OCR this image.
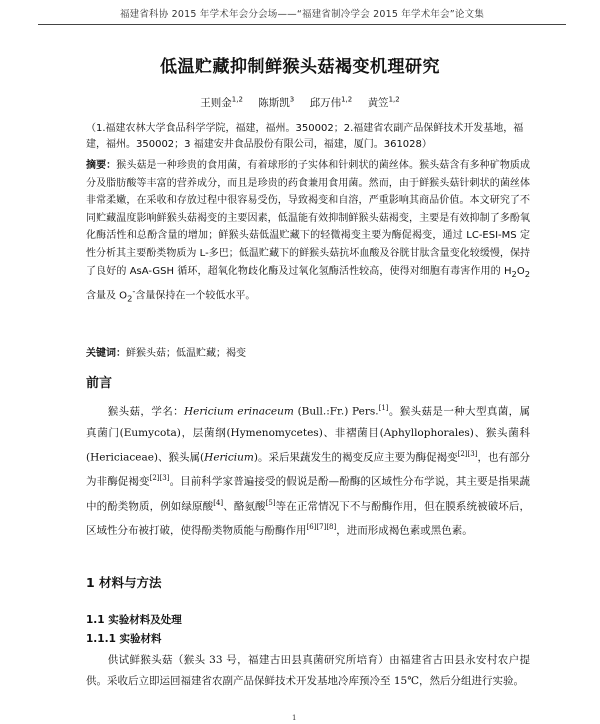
福建省科协 2015 年学术年会分会场——“福建省制冷学会 2015 年学术年会”论文集
低温贮藏抑制鲜猴头菇褐变机理研究
王则金$^{1,2}$ 陈斯凯$^3$ 邱万伟$^{1,2}$ 黄笠$^{1,2}$
（1.福建农林大学食品科学学院，福建，福州。350002；2.福建省农副产品保鲜技术开发基地，福建，福州。350002；3 福建安井食品股份有限公司，福建，厦门。361028）
摘要：猴头菇是一种珍贵的食用菌，有着球形的子实体和针刺状的菌丝体。猴头菇含有多种矿物质成分及脂肪酸等丰富的营养成分，而且是珍贵的药食兼用食用菌。然而，由于鲜猴头菇针刺状的菌丝体非常柔嫩，在采收和存放过程中很容易受伤，导致褐变和自溶，严重影响其商品价值。本文研究了不同贮藏温度影响鲜猴头菇褐变的主要因素，低温能有效抑制鲜猴头菇褐变，主要是有效抑制了多酚氧化酶活性和总酚含量的增加；鲜猴头菇低温贮藏下的轻微褐变主要为酶促褐变，通过 LC-ESI-MS 定性分析其主要酚类物质为 L-多巴；低温贮藏下的鲜猴头菇抗坏血酸及谷胱甘肽含量变化较缓慢，保持了良好的 AsA-GSH 循环，超氧化物歧化酶及过氧化氢酶活性较高，使得对细胞有毒害作用的 $H_2O_2$ 含量及 $O_2^-$含量保持在一个较低水平。
关键词：鲜猴头菇；低温贮藏；褐变
前言
　　猴头菇，学名：Hericium erinaceum (Bull.:Fr.) Pers.[1]。猴头菇是一种大型真菌，属真菌门(Eumycota)，层菌纲(Hymenomycetes)、非褶菌目(Aphyllophorales)、猴头菌科(Hericiaceae)、猴头属(Hericium)。采后果蔬发生的褐变反应主要为酶促褐变[2][3]，也有部分为非酶促褐变[2][3]。目前科学家普遍接受的假说是酚—酚酶的区域性分布学说，其主要是指果蔬中的酚类物质，例如绿原酸[4]、酪氨酸[5]等在正常情况下不与酚酶作用，但在膜系统被破坏后，区域性分布被打破，使得酚类物质能与酚酶作用[6][7][8]，进而形成褐色素或黑色素。
1 材料与方法
1.1 实验材料及处理
1.1.1 实验材料
　　供试鲜猴头菇（猴头 33 号，福建古田县真菌研究所培育）由福建省古田县永安村农户提供。采收后立即运回福建省农副产品保鲜技术开发基地冷库预冷至 15℃，然后分组进行实验。
1
